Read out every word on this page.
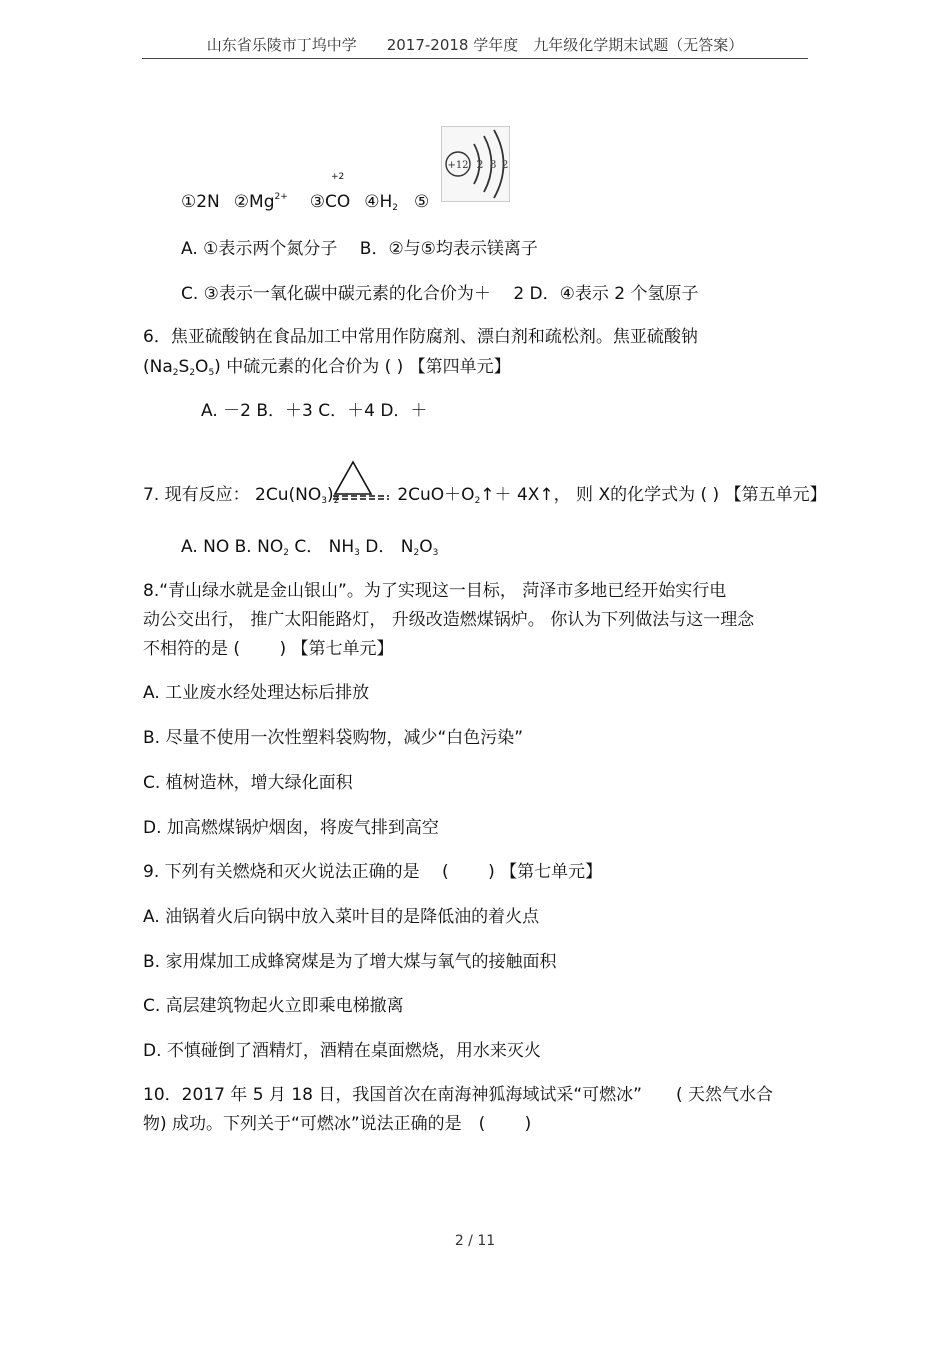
山东省乐陵市丁坞中学　　2017-2018 学年度　九年级化学期末试题（无答案）
①2N $②Mg^{2+}$ ③CO $④H_2$ ⑤
+2
+12 2 8 2
A. ①表示两个氮分子　 B．②与⑤均表示镁离子
C. ③表示一氧化碳中碳元素的化合价为＋　 2 D．④表示 2 个氢原子
6．焦亚硫酸钠在食品加工中常用作防腐剂、漂白剂和疏松剂。焦亚硫酸钠
$(Na_2S_2O_5)$ 中硫元素的化合价为 ( ) 【第四单元】
A. －2 B．＋3 C．＋4 D．＋
7. 现有反应： $2Cu(NO_3)_2$	$2CuO+O_2↑+$ 4X↑， 则 X的化学式为 ( ) 【第五单元】
A. NO B. $NO_2$ C． $NH_3$ D． $N_2O_3$
8.“青山绿水就是金山银山”。为了实现这一目标， 菏泽市多地已经开始实行电
动公交出行， 推广太阳能路灯， 升级改造燃煤锅炉。 你认为下列做法与这一理念
不相符的是 (　　 ) 【第七单元】
A. 工业废水经处理达标后排放
B. 尽量不使用一次性塑料袋购物，减少“白色污染”
C. 植树造林，增大绿化面积
D. 加高燃煤锅炉烟囱，将废气排到高空
9. 下列有关燃烧和灭火说法正确的是　 (　　 ) 【第七单元】
A. 油锅着火后向锅中放入菜叶目的是降低油的着火点
B. 家用煤加工成蜂窝煤是为了增大煤与氧气的接触面积
C. 高层建筑物起火立即乘电梯撤离
D. 不慎碰倒了酒精灯，酒精在桌面燃烧，用水来灭火
10．2017 年 5 月 18 日，我国首次在南海神狐海域试采“可燃冰”　　( 天然气水合
物) 成功。下列关于“可燃冰”说法正确的是　(　　 )
2 / 11
